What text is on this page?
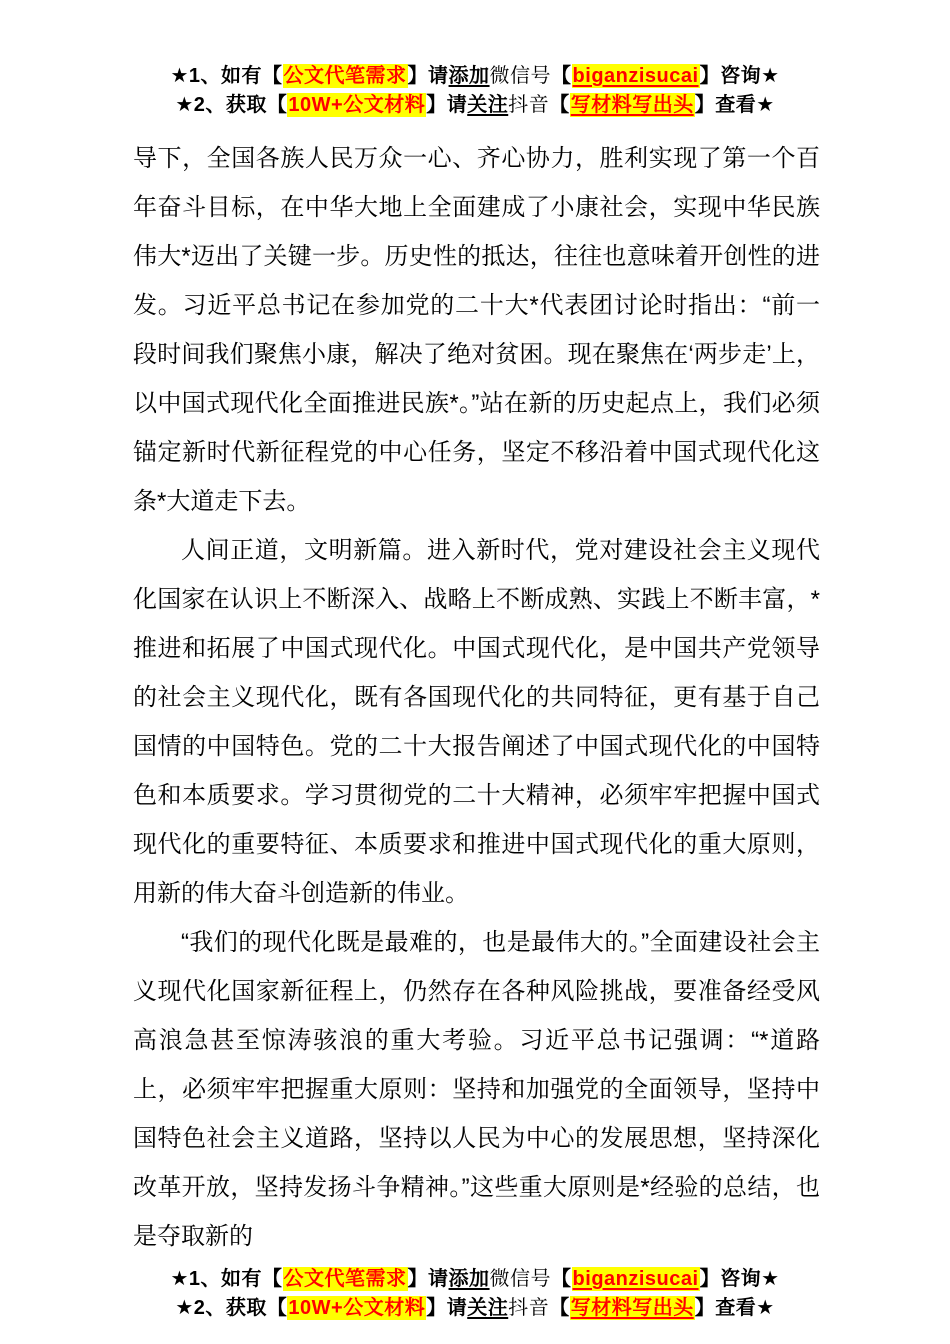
★1、如有【公文代笔需求】请添加微信号【biganzisucai】咨询★
★2、获取【10W+公文材料】请关注抖音【写材料写出头】查看★

导下，全国各族人民万众一心、齐心协力，胜利实现了第一个百年奋斗目标，在中华大地上全面建成了小康社会，实现中华民族伟大*迈出了关键一步。历史性的抵达，往往也意味着开创性的进发。习近平总书记在参加党的二十大*代表团讨论时指出：“前一段时间我们聚焦小康，解决了绝对贫困。现在聚焦在‘两步走’上，以中国式现代化全面推进民族*。”站在新的历史起点上，我们必须锚定新时代新征程党的中心任务，坚定不移沿着中国式现代化这条*大道走下去。

人间正道，文明新篇。进入新时代，党对建设社会主义现代化国家在认识上不断深入、战略上不断成熟、实践上不断丰富，*推进和拓展了中国式现代化。中国式现代化，是中国共产党领导的社会主义现代化，既有各国现代化的共同特征，更有基于自己国情的中国特色。党的二十大报告阐述了中国式现代化的中国特色和本质要求。学习贯彻党的二十大精神，必须牢牢把握中国式现代化的重要特征、本质要求和推进中国式现代化的重大原则，用新的伟大奋斗创造新的伟业。

“我们的现代化既是最难的，也是最伟大的。”全面建设社会主义现代化国家新征程上，仍然存在各种风险挑战，要准备经受风高浪急甚至惊涛骇浪的重大考验。习近平总书记强调：“*道路上，必须牢牢把握重大原则：坚持和加强党的全面领导，坚持中国特色社会主义道路，坚持以人民为中心的发展思想，坚持深化改革开放，坚持发扬斗争精神。”这些重大原则是*经验的总结，也是夺取新的

★1、如有【公文代笔需求】请添加微信号【biganzisucai】咨询★
★2、获取【10W+公文材料】请关注抖音【写材料写出头】查看★
